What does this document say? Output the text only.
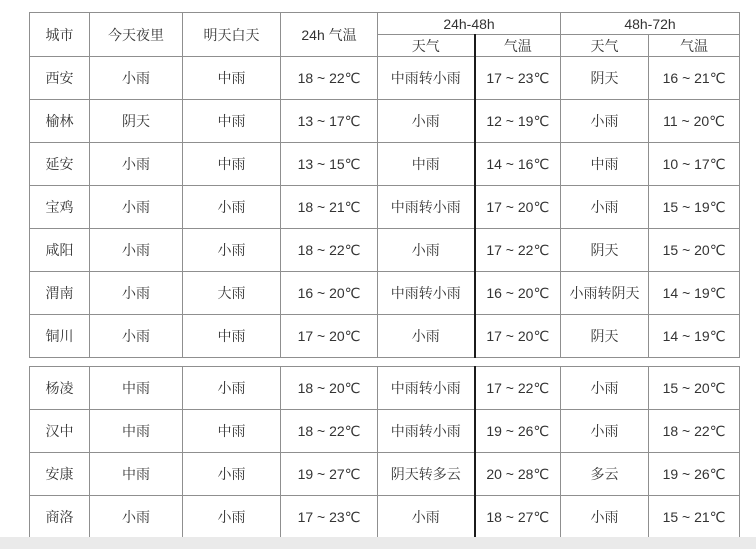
城市	今天夜里	明天白天	24h 气温	24h-48h		48h-72h	
				天气	气温	天气	气温
西安	小雨	中雨	18 ~ 22℃	中雨转小雨	17 ~ 23℃	阴天	16 ~ 21℃
榆林	阴天	中雨	13 ~ 17℃	小雨	12 ~ 19℃	小雨	11 ~ 20℃
延安	小雨	中雨	13 ~ 15℃	中雨	14 ~ 16℃	中雨	10 ~ 17℃
宝鸡	小雨	小雨	18 ~ 21℃	中雨转小雨	17 ~ 20℃	小雨	15 ~ 19℃
咸阳	小雨	小雨	18 ~ 22℃	小雨	17 ~ 22℃	阴天	15 ~ 20℃
渭南	小雨	大雨	16 ~ 20℃	中雨转小雨	16 ~ 20℃	小雨转阴天	14 ~ 19℃
铜川	小雨	中雨	17 ~ 20℃	小雨	17 ~ 20℃	阴天	14 ~ 19℃
杨凌	中雨	小雨	18 ~ 20℃	中雨转小雨	17 ~ 22℃	小雨	15 ~ 20℃
汉中	中雨	中雨	18 ~ 22℃	中雨转小雨	19 ~ 26℃	小雨	18 ~ 22℃
安康	中雨	小雨	19 ~ 27℃	阴天转多云	20 ~ 28℃	多云	19 ~ 26℃
商洛	小雨	小雨	17 ~ 23℃	小雨	18 ~ 27℃	小雨	15 ~ 21℃
